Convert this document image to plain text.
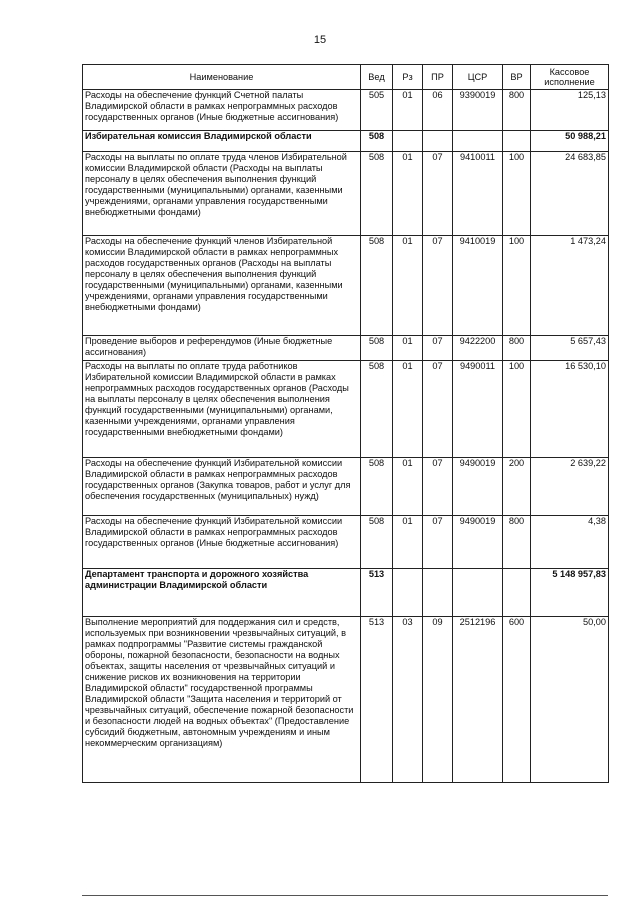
15
Наименование	Вед	Рз	ПР	ЦСР	ВР	Кассовое исполнение
Расходы на обеспечение функций Счетной палаты Владимирской области в рамках непрограммных расходов государственных органов (Иные бюджетные ассигнования)	505	01	06	9390019	800	125,13
Избирательная комиссия Владимирской области	508					50 988,21
Расходы на выплаты по оплате труда членов Избирательной комиссии Владимирской области (Расходы на выплаты персоналу в целях обеспечения выполнения функций государственными (муниципальными) органами, казенными учреждениями, органами управления государственными внебюджетными фондами)	508	01	07	9410011	100	24 683,85
Расходы на обеспечение функций членов Избирательной комиссии Владимирской области в рамках непрограммных расходов государственных органов (Расходы на выплаты персоналу в целях обеспечения выполнения функций государственными (муниципальными) органами, казенными учреждениями, органами управления государственными внебюджетными фондами)	508	01	07	9410019	100	1 473,24
Проведение выборов и референдумов (Иные бюджетные ассигнования)	508	01	07	9422200	800	5 657,43
Расходы на выплаты по оплате труда работников Избирательной комиссии Владимирской области в рамках непрограммных расходов государственных органов (Расходы на выплаты персоналу в целях обеспечения выполнения функций государственными (муниципальными) органами, казенными учреждениями, органами управления государственными внебюджетными фондами)	508	01	07	9490011	100	16 530,10
Расходы на обеспечение функций Избирательной комиссии Владимирской области в рамках непрограммных расходов государственных органов (Закупка товаров, работ и услуг для обеспечения государственных (муниципальных) нужд)	508	01	07	9490019	200	2 639,22
Расходы на обеспечение функций Избирательной комиссии Владимирской области в рамках непрограммных расходов государственных органов (Иные бюджетные ассигнования)	508	01	07	9490019	800	4,38
Департамент транспорта и дорожного хозяйства администрации Владимирской области	513					5 148 957,83
Выполнение мероприятий для поддержания сил и средств, используемых при возникновении чрезвычайных ситуаций, в рамках подпрограммы "Развитие системы гражданской обороны, пожарной безопасности, безопасности на водных объектах, защиты населения от чрезвычайных ситуаций и снижение рисков их возникновения на территории Владимирской области" государственной программы Владимирской области "Защита населения и территорий от чрезвычайных ситуаций, обеспечение пожарной безопасности и безопасности людей на водных объектах" (Предоставление субсидий бюджетным, автономным учреждениям и иным некоммерческим организациям)	513	03	09	2512196	600	50,00
